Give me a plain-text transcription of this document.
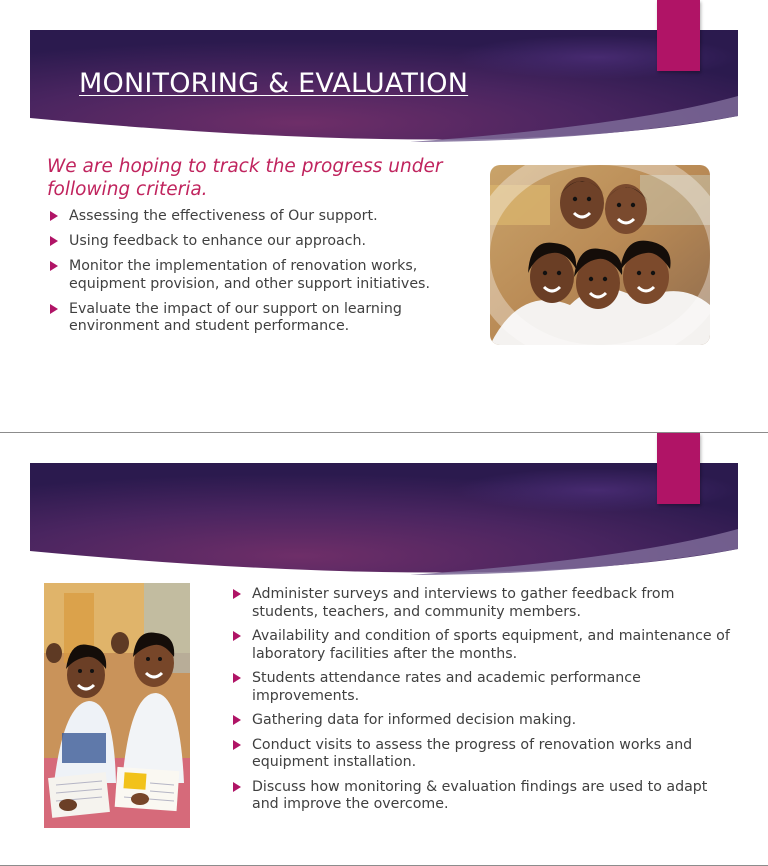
MONITORING & EVALUATION
We are hoping to track the progress under following criteria.
Assessing the effectiveness of Our support.
Using feedback to enhance our approach.
Monitor the implementation of renovation works, equipment provision, and other support initiatives.
Evaluate the impact of our support on learning environment and student performance.
Administer surveys and interviews to gather feedback from students, teachers, and community members.
Availability and condition of sports equipment, and maintenance of laboratory facilities after the months.
Students attendance rates and academic performance improvements.
Gathering data for informed decision making.
Conduct visits to assess the progress of renovation works and equipment installation.
Discuss how monitoring & evaluation findings are used to adapt and improve the overcome.
